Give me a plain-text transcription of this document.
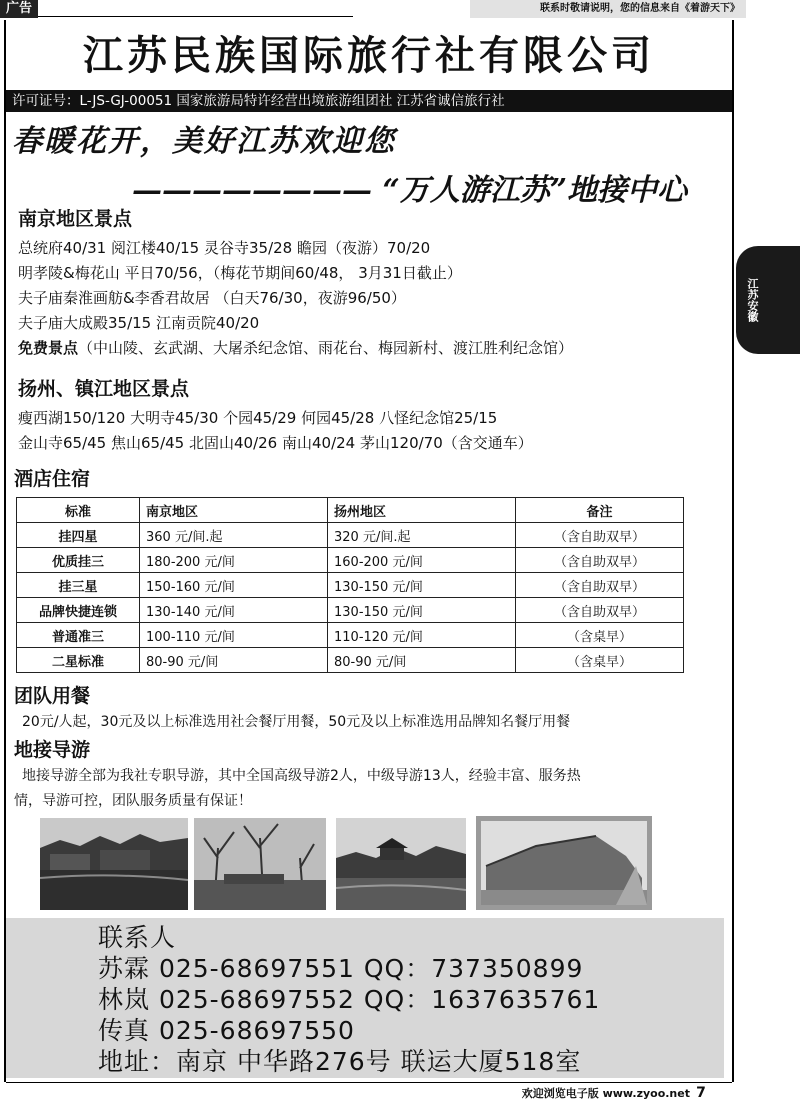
广告	联系时敬请说明，您的信息来自《着游天下》
江苏民族国际旅行社有限公司
许可证号：L-JS-GJ-00051 国家旅游局特许经营出境旅游组团社 江苏省诚信旅行社
春暖花开，美好江苏欢迎您
———————— “万人游江苏”地接中心
江苏安徽
南京地区景点
总统府40/31 阅江楼40/15 灵谷寺35/28 瞻园（夜游）70/20
明孝陵&梅花山 平日70/56，（梅花节期间60/48， 3月31日截止）
夫子庙秦淮画舫&李香君故居 （白天76/30，夜游96/50）
夫子庙大成殿35/15 江南贡院40/20
免费景点（中山陵、玄武湖、大屠杀纪念馆、雨花台、梅园新村、渡江胜利纪念馆）
扬州、镇江地区景点
瘦西湖150/120 大明寺45/30 个园45/29 何园45/28 八怪纪念馆25/15
金山寺65/45 焦山65/45 北固山40/26 南山40/24 茅山120/70（含交通车）
酒店住宿
标准	南京地区	扬州地区	备注
挂四星	360 元/间.起	320 元/间.起	（含自助双早）
优质挂三	180-200 元/间	160-200 元/间	（含自助双早）
挂三星	150-160 元/间	130-150 元/间	（含自助双早）
品牌快捷连锁	130-140 元/间	130-150 元/间	（含自助双早）
普通准三	100-110 元/间	110-120 元/间	（含桌早）
二星标准	80-90 元/间	80-90 元/间	（含桌早）
团队用餐
20元/人起，30元及以上标准选用社会餐厅用餐，50元及以上标准选用品牌知名餐厅用餐
地接导游
地接导游全部为我社专职导游，其中全国高级导游2人，中级导游13人，经验丰富、服务热
情，导游可控，团队服务质量有保证！
联系人
苏霖 025-68697551 QQ：737350899
林岚 025-68697552 QQ：1637635761
传真 025-68697550
地址：南京 中华路276号 联运大厦518室
欢迎浏览电子版 www.zyoo.net 7
